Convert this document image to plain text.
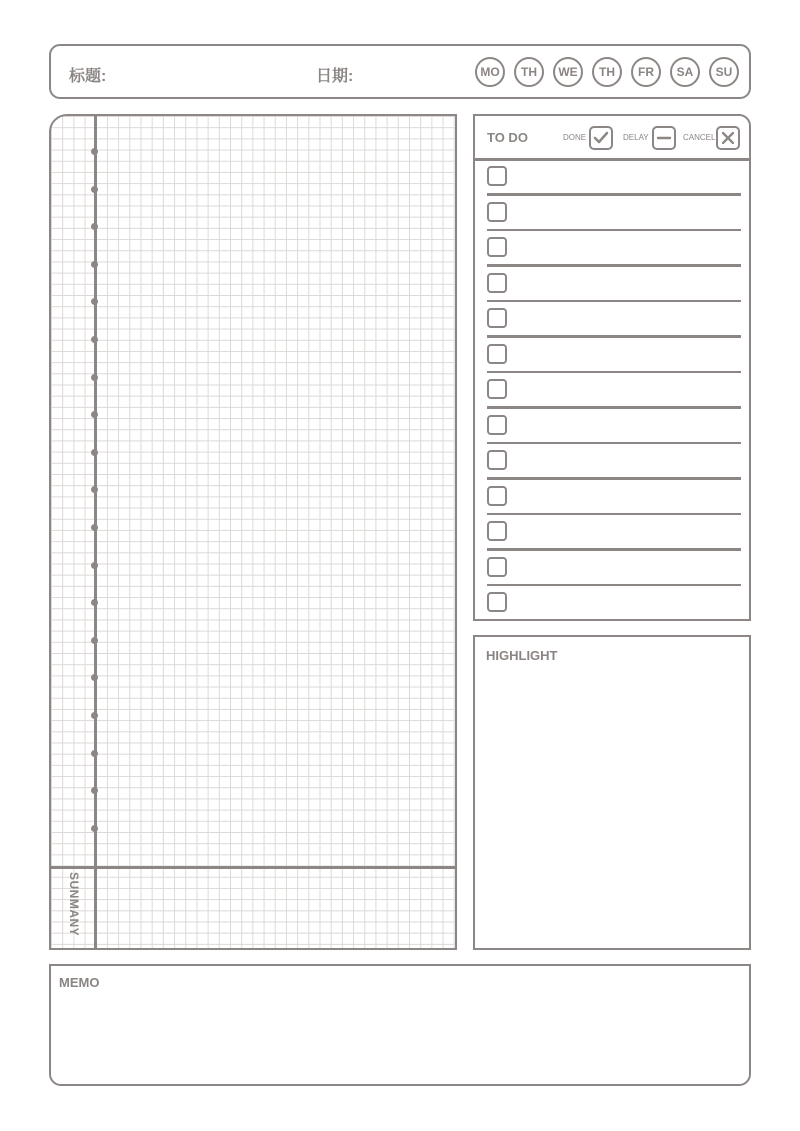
标题:	日期:	MO	TH	WE	TH	FR	SA	SU
SUNMANY
TO DO	DONE	DELAY	CANCEL
HIGHLIGHT
MEMO
